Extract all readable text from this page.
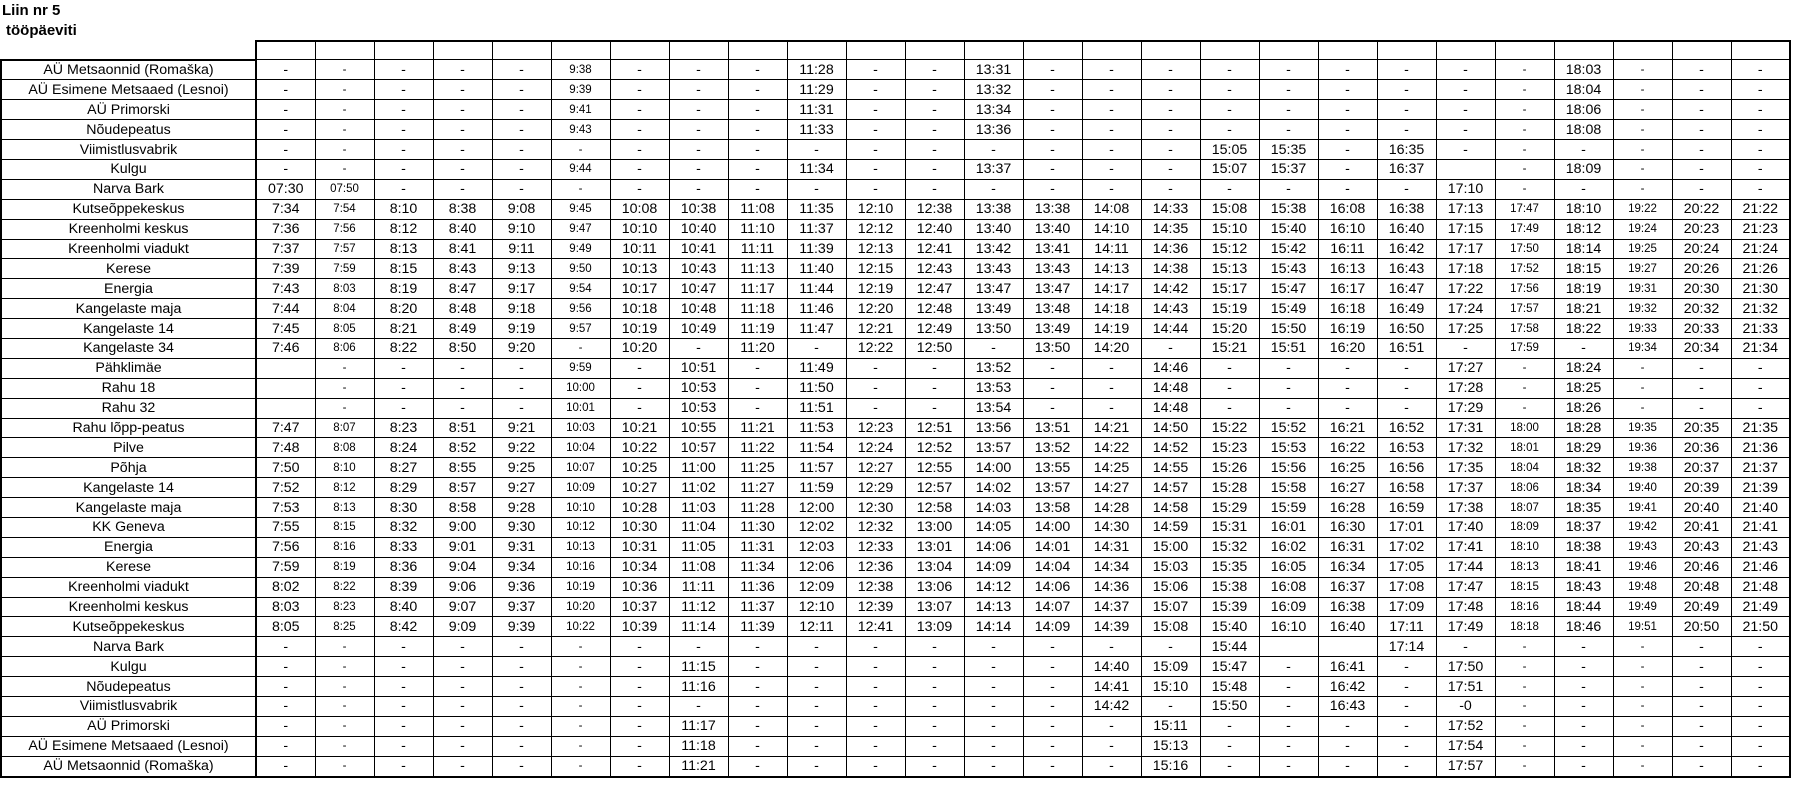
Liin nr 5
tööpäeviti

AÜ Metsaonnid (Romaška)	-	-	-	-	-	9:38	-	-	-	11:28	-	-	13:31	-	-	-	-	-	-	-	-	-	18:03	-	-	-
AÜ Esimene Metsaaed (Lesnoi)	-	-	-	-	-	9:39	-	-	-	11:29	-	-	13:32	-	-	-	-	-	-	-	-	-	18:04	-	-	-
AÜ Primorski	-	-	-	-	-	9:41	-	-	-	11:31	-	-	13:34	-	-	-	-	-	-	-	-	-	18:06	-	-	-
Nõudepeatus	-	-	-	-	-	9:43	-	-	-	11:33	-	-	13:36	-	-	-	-	-	-	-	-	-	18:08	-	-	-
Viimistlusvabrik	-	-	-	-	-	-	-	-	-	-	-	-	-	-	-	-	15:05	15:35	-	16:35	-	-	-	-	-	-
Kulgu	-	-	-	-	-	9:44	-	-	-	11:34	-	-	13:37	-	-	-	15:07	15:37	-	16:37		-	18:09	-	-	-
Narva Bark	07:30	07:50	-	-	-	-	-	-	-	-	-	-	-	-	-	-	-	-	-	-	17:10	-	-	-	-	-
Kutseõppekeskus	7:34	7:54	8:10	8:38	9:08	9:45	10:08	10:38	11:08	11:35	12:10	12:38	13:38	13:38	14:08	14:33	15:08	15:38	16:08	16:38	17:13	17:47	18:10	19:22	20:22	21:22
Kreenholmi keskus	7:36	7:56	8:12	8:40	9:10	9:47	10:10	10:40	11:10	11:37	12:12	12:40	13:40	13:40	14:10	14:35	15:10	15:40	16:10	16:40	17:15	17:49	18:12	19:24	20:23	21:23
Kreenholmi viadukt	7:37	7:57	8:13	8:41	9:11	9:49	10:11	10:41	11:11	11:39	12:13	12:41	13:42	13:41	14:11	14:36	15:12	15:42	16:11	16:42	17:17	17:50	18:14	19:25	20:24	21:24
Kerese	7:39	7:59	8:15	8:43	9:13	9:50	10:13	10:43	11:13	11:40	12:15	12:43	13:43	13:43	14:13	14:38	15:13	15:43	16:13	16:43	17:18	17:52	18:15	19:27	20:26	21:26
Energia	7:43	8:03	8:19	8:47	9:17	9:54	10:17	10:47	11:17	11:44	12:19	12:47	13:47	13:47	14:17	14:42	15:17	15:47	16:17	16:47	17:22	17:56	18:19	19:31	20:30	21:30
Kangelaste maja	7:44	8:04	8:20	8:48	9:18	9:56	10:18	10:48	11:18	11:46	12:20	12:48	13:49	13:48	14:18	14:43	15:19	15:49	16:18	16:49	17:24	17:57	18:21	19:32	20:32	21:32
Kangelaste 14	7:45	8:05	8:21	8:49	9:19	9:57	10:19	10:49	11:19	11:47	12:21	12:49	13:50	13:49	14:19	14:44	15:20	15:50	16:19	16:50	17:25	17:58	18:22	19:33	20:33	21:33
Kangelaste 34	7:46	8:06	8:22	8:50	9:20	-	10:20	-	11:20	-	12:22	12:50	-	13:50	14:20	-	15:21	15:51	16:20	16:51	-	17:59	-	19:34	20:34	21:34
Pähklimäe		-	-	-	-	9:59	-	10:51	-	11:49	-	-	13:52	-	-	14:46	-	-	-	-	17:27	-	18:24	-	-	-
Rahu 18		-	-	-	-	10:00	-	10:53	-	11:50	-	-	13:53	-	-	14:48	-	-	-	-	17:28	-	18:25	-	-	-
Rahu 32		-	-	-	-	10:01	-	10:53	-	11:51	-	-	13:54	-	-	14:48	-	-	-	-	17:29	-	18:26	-	-	-
Rahu lõpp-peatus	7:47	8:07	8:23	8:51	9:21	10:03	10:21	10:55	11:21	11:53	12:23	12:51	13:56	13:51	14:21	14:50	15:22	15:52	16:21	16:52	17:31	18:00	18:28	19:35	20:35	21:35
Pilve	7:48	8:08	8:24	8:52	9:22	10:04	10:22	10:57	11:22	11:54	12:24	12:52	13:57	13:52	14:22	14:52	15:23	15:53	16:22	16:53	17:32	18:01	18:29	19:36	20:36	21:36
Põhja	7:50	8:10	8:27	8:55	9:25	10:07	10:25	11:00	11:25	11:57	12:27	12:55	14:00	13:55	14:25	14:55	15:26	15:56	16:25	16:56	17:35	18:04	18:32	19:38	20:37	21:37
Kangelaste 14	7:52	8:12	8:29	8:57	9:27	10:09	10:27	11:02	11:27	11:59	12:29	12:57	14:02	13:57	14:27	14:57	15:28	15:58	16:27	16:58	17:37	18:06	18:34	19:40	20:39	21:39
Kangelaste maja	7:53	8:13	8:30	8:58	9:28	10:10	10:28	11:03	11:28	12:00	12:30	12:58	14:03	13:58	14:28	14:58	15:29	15:59	16:28	16:59	17:38	18:07	18:35	19:41	20:40	21:40
KK Geneva	7:55	8:15	8:32	9:00	9:30	10:12	10:30	11:04	11:30	12:02	12:32	13:00	14:05	14:00	14:30	14:59	15:31	16:01	16:30	17:01	17:40	18:09	18:37	19:42	20:41	21:41
Energia	7:56	8:16	8:33	9:01	9:31	10:13	10:31	11:05	11:31	12:03	12:33	13:01	14:06	14:01	14:31	15:00	15:32	16:02	16:31	17:02	17:41	18:10	18:38	19:43	20:43	21:43
Kerese	7:59	8:19	8:36	9:04	9:34	10:16	10:34	11:08	11:34	12:06	12:36	13:04	14:09	14:04	14:34	15:03	15:35	16:05	16:34	17:05	17:44	18:13	18:41	19:46	20:46	21:46
Kreenholmi viadukt	8:02	8:22	8:39	9:06	9:36	10:19	10:36	11:11	11:36	12:09	12:38	13:06	14:12	14:06	14:36	15:06	15:38	16:08	16:37	17:08	17:47	18:15	18:43	19:48	20:48	21:48
Kreenholmi keskus	8:03	8:23	8:40	9:07	9:37	10:20	10:37	11:12	11:37	12:10	12:39	13:07	14:13	14:07	14:37	15:07	15:39	16:09	16:38	17:09	17:48	18:16	18:44	19:49	20:49	21:49
Kutseõppekeskus	8:05	8:25	8:42	9:09	9:39	10:22	10:39	11:14	11:39	12:11	12:41	13:09	14:14	14:09	14:39	15:08	15:40	16:10	16:40	17:11	17:49	18:18	18:46	19:51	20:50	21:50
Narva Bark	-	-	-	-	-	-	-	-	-	-	-	-	-	-	-	-	15:44			17:14	-	-	-	-	-	-
Kulgu	-	-	-	-	-	-	-	11:15	-	-	-	-	-	-	14:40	15:09	15:47	-	16:41	-	17:50	-	-	-	-	-
Nõudepeatus	-	-	-	-	-	-	-	11:16	-	-	-	-	-	-	14:41	15:10	15:48	-	16:42	-	17:51	-	-	-	-	-
Viimistlusvabrik	-	-	-	-	-	-	-	-	-	-	-	-	-	-	14:42	-	15:50	-	16:43	-	-0	-	-	-	-	-
AÜ Primorski	-	-	-	-	-	-	-	11:17	-	-	-	-	-	-	-	15:11	-	-	-	-	17:52	-	-	-	-	-
AÜ Esimene Metsaaed (Lesnoi)	-	-	-	-	-	-	-	11:18	-	-	-	-	-	-	-	15:13	-	-	-	-	17:54	-	-	-	-	-
AÜ Metsaonnid (Romaška)	-	-	-	-	-	-	-	11:21	-	-	-	-	-	-	-	15:16	-	-	-	-	17:57	-	-	-	-	-
